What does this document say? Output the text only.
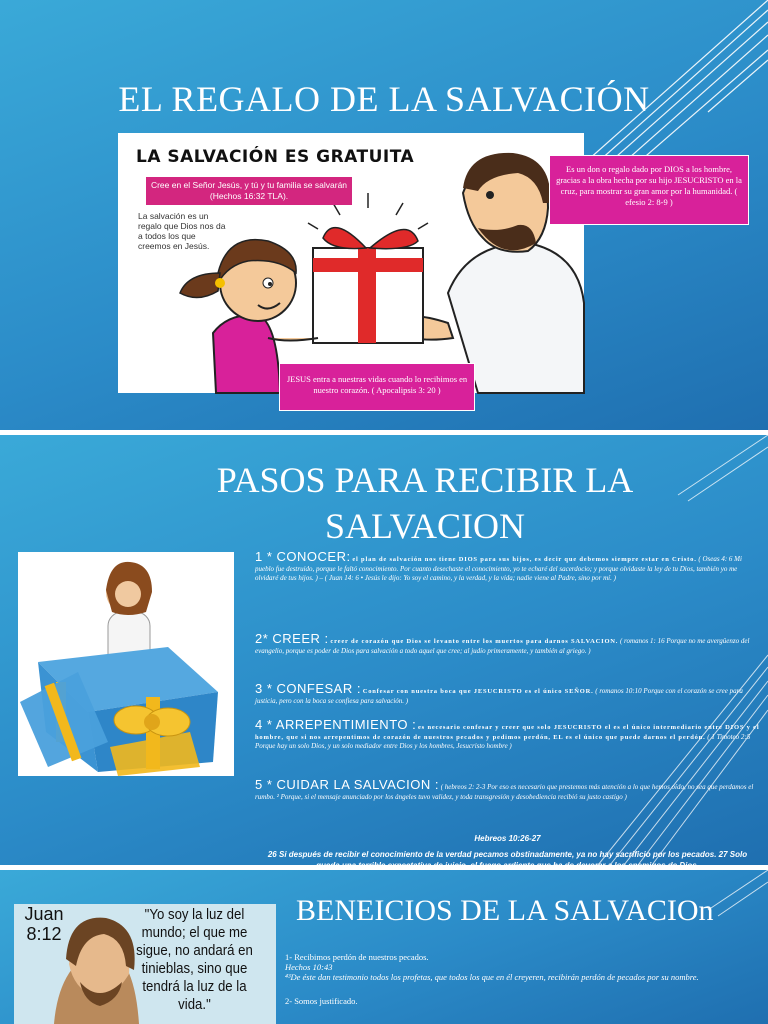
EL REGALO DE LA SALVACIÓN
LA SALVACIÓN ES GRATUITA
Cree en el Señor Jesús, y tú y tu familia se salvarán (Hechos 16:32 TLA).
La salvación es un regalo que Dios nos da a todos los que creemos en Jesús.
Es un don o regalo dado por DIOS a los hombre, gracias a la obra hecha por su hijo JESUCRISTO en la cruz, para mostrar su gran amor por la humanidad. ( efesio 2: 8-9 )
JESUS entra a nuestras vidas cuando lo recibimos en nuestro corazón. ( Apocalipsis 3: 20 )
PASOS PARA RECIBIR LA SALVACION
1 * CONOCER: el plan de salvación nos tiene DIOS para sus hijos, es decir que debemos siempre estar en Cristo. ( Oseas 4: 6 Mi pueblo fue destruido, porque le faltó conocimiento. Por cuanto desechaste el conocimiento, yo te echaré del sacerdocio; y porque olvidaste la ley de tu Dios, también yo me olvidaré de tus hijos. ) – ( Juan 14: 6 • Jesús le dijo: Yo soy el camino, y la verdad, y la vida; nadie viene al Padre, sino por mí. )
2* CREER : creer de corazón que Dios se levanto entre los muertos para darnos SALVACION. ( romanos 1: 16 Porque no me avergüenzo del evangelio, porque es poder de Dios para salvación a todo aquel que cree; al judío primeramente, y también al griego. )
3 * CONFESAR : Confesar con nuestra boca que JESUCRISTO es el único SEÑOR. ( romanos 10:10 Porque con el corazón se cree para justicia, pero con la boca se confiesa para salvación. )
4 * ARREPENTIMIENTO : es necesario confesar y creer que solo JESUCRISTO el es el único intermediario entre DIOS y el hombre, que si nos arrepentimos de corazón de nuestros pecados y pedimos perdón, EL es el único que puede darnos el perdón. ( 1 Timoteo 2:5 Porque hay un solo Dios, y un solo mediador entre Dios y los hombres, Jesucristo hombre )
5 * CUIDAR LA SALVACION : ( hebreos 2: 2-3 Por eso es necesario que prestemos más atención a lo que hemos oído, no sea que perdamos el rumbo. ² Porque, si el mensaje anunciado por los ángeles tuvo validez, y toda transgresión y desobediencia recibió su justo castigo )
Hebreos 10:26-27
26 Si después de recibir el conocimiento de la verdad pecamos obstinadamente, ya no hay sacrificio por los pecados. 27 Solo queda una terrible expectativa de juicio, el fuego ardiente que ha de devorar a los enemigos de Dios.
Juan 8:12
"Yo soy la luz del mundo; el que me sigue, no andará en tinieblas, sino que tendrá la luz de la vida."
BENEICIOS DE LA SALVACIOn
1- Recibimos perdón de nuestros pecados.
Hechos 10:43
⁴³De éste dan testimonio todos los profetas, que todos los que en él creyeren, recibirán perdón de pecados por su nombre.
2- Somos justificado.
